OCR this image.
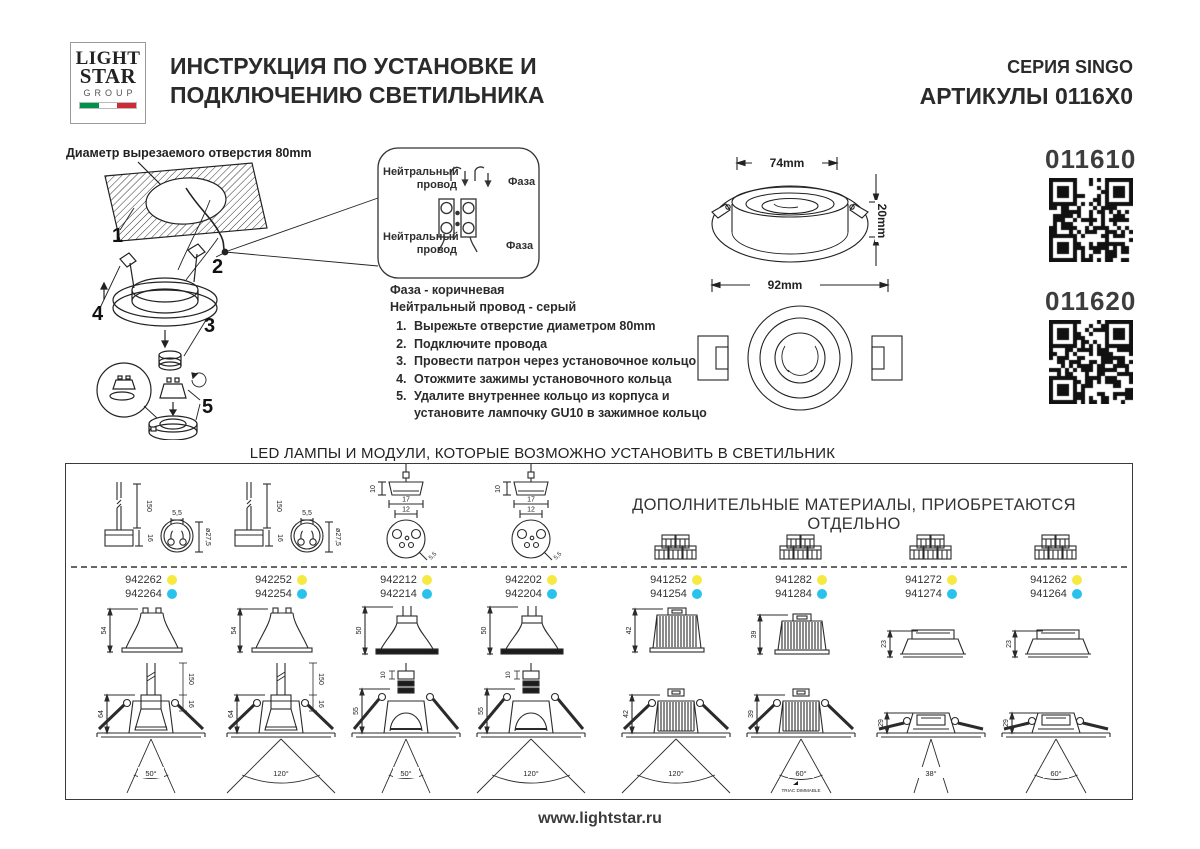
LIGHT
STAR
GROUP
ИНСТРУКЦИЯ ПО УСТАНОВКЕ И
ПОДКЛЮЧЕНИЮ СВЕТИЛЬНИКА
СЕРИЯ SINGO
АРТИКУЛЫ 0116X0
Диаметр вырезаемого отверстия 80mm
1
2
3
4
5
Нейтральный провод	Фаза
Нейтральный провод	Фаза
Фаза - коричневая
Нейтральный провод - серый
1. Вырежьте отверстие диаметром 80mm
2. Подключите провода
3. Провести патрон через установочное кольцо
4. Отожмите зажимы установочного кольца
5. Удалите внутреннее кольцо из корпуса и установите лампочку GU10 в зажимное кольцо
74mm
20mm
92mm
011610
011620
LED ЛАМПЫ И МОДУЛИ, КОТОРЫЕ ВОЗМОЖНО УСТАНОВИТЬ В СВЕТИЛЬНИК
ДОПОЛНИТЕЛЬНЫЕ МАТЕРИАЛЫ, ПРИОБРЕТАЮТСЯ ОТДЕЛЬНО
5,5
150
16	ø27,5
942262
942264
54
150
16
64
50°
5,5
150
16	ø27,5
942252
942254
54
150
16
64
120°
10
17
12
5,5
942212
942214
50
10
55
50°
10
17
12
5,5
942202
942204
50
10
55
120°
941252
941254
42
42
120°
941282
941284
39
39
60°
TRIAC DIMMABLE
941272
941274
23
29
38°
941262
941264
23
29
60°
www.lightstar.ru
